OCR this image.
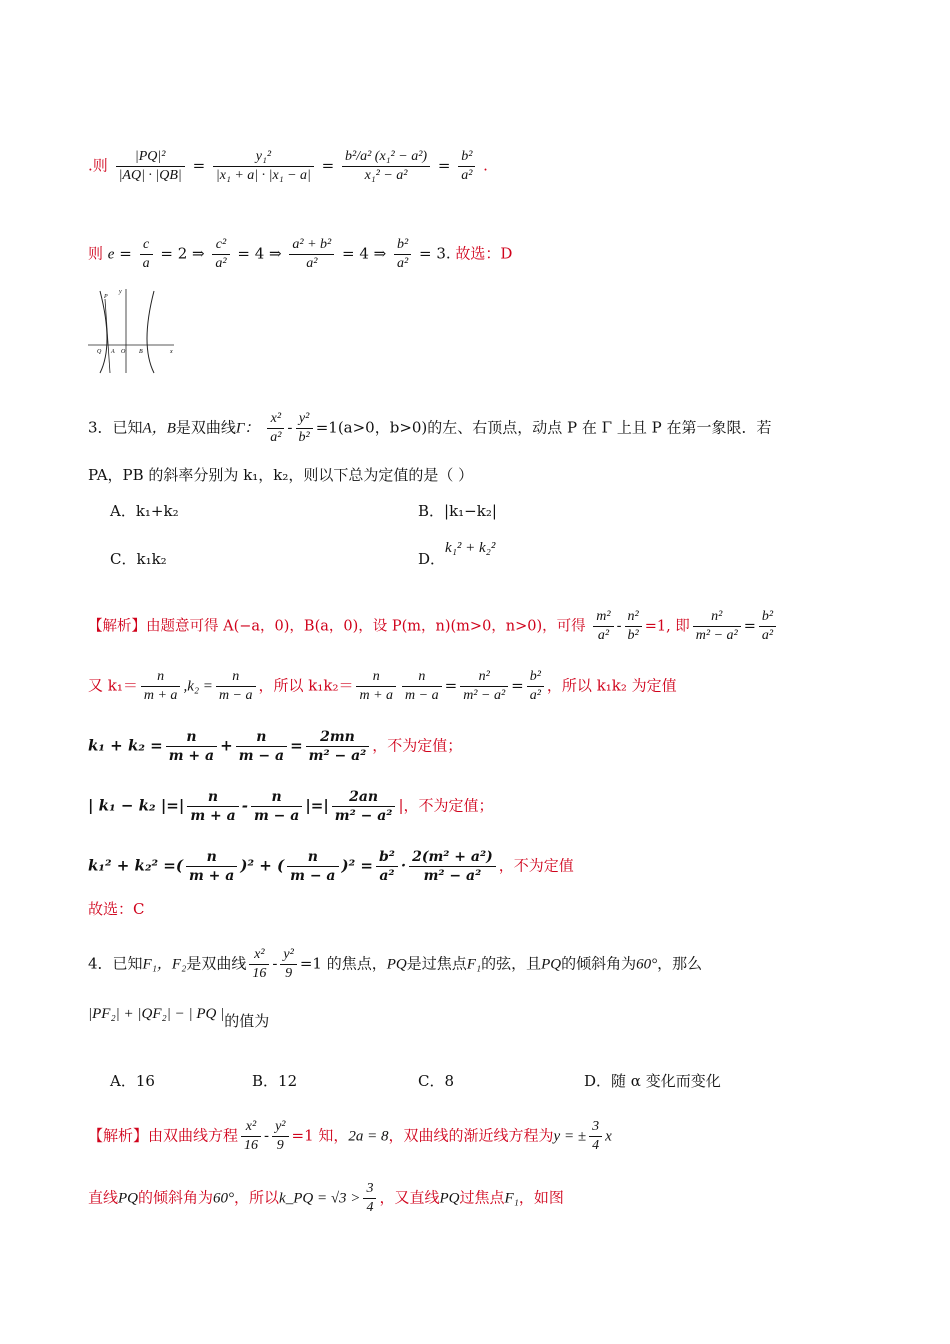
.则 $\frac{\text{|PQ|²}}{|AQ| \cdot |QB|} = \frac{\text{y₁²}}{\text{|x₁ + a| · |x₁ − a|}} = \frac{\text{b²/a² (x₁² − a²)}}{\text{x₁² − a²}} = \frac{\text{b²}}{\text{a²}}$ .
则 $e = \frac{c}{a} = 2$ ⇒ $\frac{\text{c²}}{\text{a²}} = 4$ ⇒ $\frac{\text{a² + b²}}{\text{a²}} = 4$ ⇒ $\frac{\text{b²}}{\text{a²}} = 3$. 故选：D
P
y
Q A O B	x
3．已知A，B是双曲线Γ： $\frac{\text{x²}}{\text{a²}} - \frac{\text{y²}}{\text{b²}} =1(a>0$，b>0)的左、右顶点，动点 P 在 Γ 上且 P 在第一象限．若
PA，PB 的斜率分别为 k₁，k₂，则以下总为定值的是（ ）
A．k₁+k₂	B．|k₁−k₂|
C．k₁k₂	D．k₁² + k₂²
【解析】由题意可得 A(−a，0)，B(a，0)，设 P(m，n)(m>0，n>0)，可得 $\frac{\text{m²}}{\text{a²}} - \frac{\text{n²}}{\text{b²}} =1$, 即 $\frac{\text{n²}}{\text{m² − a²}} = \frac{\text{b²}}{\text{a²}}$
又 $k_1= \frac{n}{m + a} ,k_2 = \frac{n}{m - a}$ ，所以 $k_1k_2= \frac{n}{m + a} \frac{n}{m - a} = \frac{\text{n²}}{\text{m² − a²}} = \frac{\text{b²}}{\text{a²}}$ ，所以 k₁k₂ 为定值
$k_1 + k_2 = \frac{n}{m + a} + \frac{n}{m - a} = \frac{2mn}{\text{m² − a²}}$ ，不为定值；
| k₁ − k₂ |=| $\frac{n}{m + a} - \frac{n}{m - a}$ |=| $\frac{2an}{\text{m² − a²}}$ |，不为定值；
k₁² + k₂² =( $\frac{n}{m + a} )^2$ + ( $\frac{n}{m - a} )^2 = \frac{\text{b²}}{\text{a²}} \cdot \frac{\text{2(m² + a²)}}{\text{m² − a²}}$ ，不为定值
故选：C
4．已知F₁，F₂是双曲线 $\frac{\text{x²}}{16} - \frac{\text{y²}}{9} =1$ 的焦点，PQ是过焦点F₁的弦，且PQ的倾斜角为60°，那么
|PF₂| + |QF₂| − | PQ |的值为
A．16	B．12	C．8	D．随 α 变化而变化
【解析】由双曲线方程 $\frac{\text{x²}}{16} - \frac{\text{y²}}{9} =1$ 知，2a = 8，双曲线的渐近线方程为y = ± $\frac{3}{4}$ x
直线PQ的倾斜角为60°，所以k_PQ = $√3 > \frac{3}{4}$ ，又直线PQ过焦点F₁，如图
